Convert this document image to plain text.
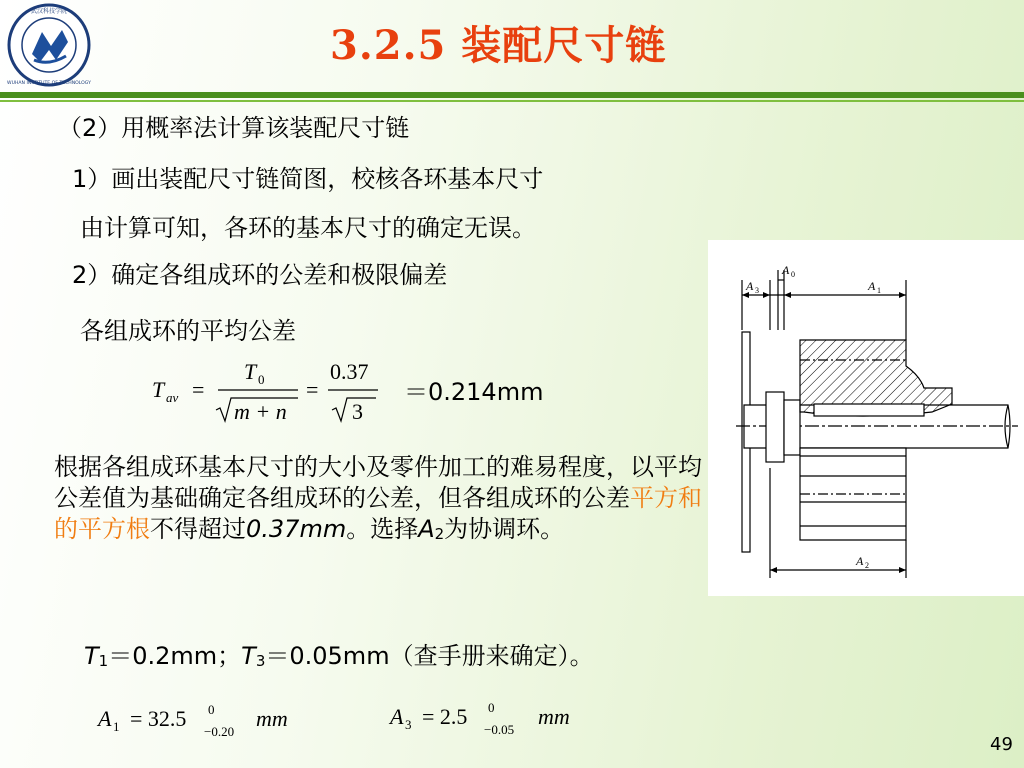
武汉科技学院
WUHAN INSTITUTE OF TECHNOLOGY
3.2.5 装配尺寸链
（2）用概率法计算该装配尺寸链
1）画出装配尺寸链简图，校核各环基本尺寸
由计算可知，各环的基本尺寸的确定无误。
2）确定各组成环的公差和极限偏差
各组成环的平均公差
T av =
T 0
m + n
=
0.37
3
＝0.214mm
根据各组成环基本尺寸的大小及零件加工的难易程度，以平均公差值为基础确定各组成环的公差，但各组成环的公差平方和的平方根不得超过0.37mm。选择$A_2$为协调环。
$T_1=0.2mm$；$T_3=0.05mm$（查手册来确定）。
A 1 = 32.5 0
−0.20
mm	A 3 = 2.5 0
−0.05
mm
A 3
A 0
A 1
A 2
49
